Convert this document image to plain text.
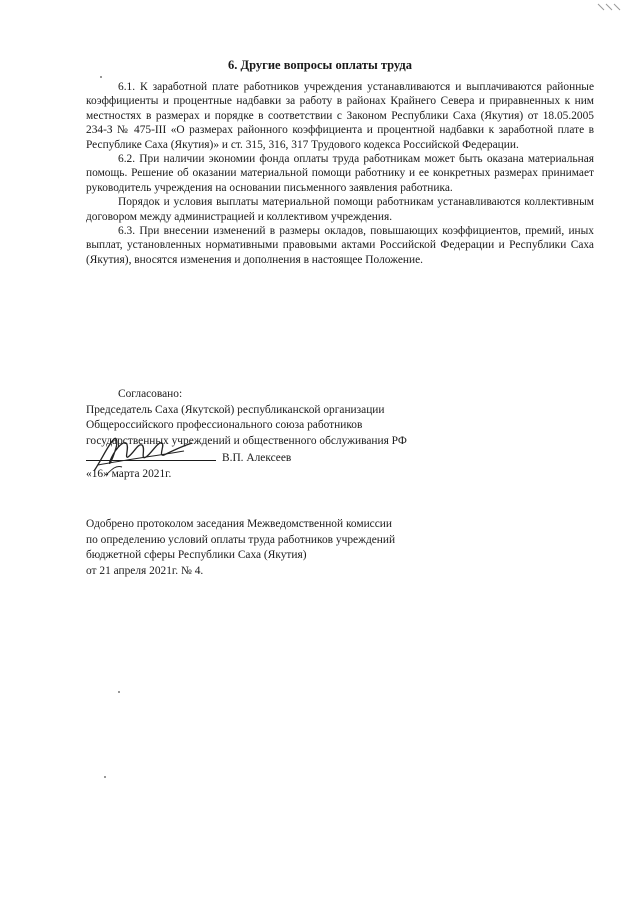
6. Другие вопросы оплаты труда

6.1. К заработной плате работников учреждения устанавливаются и выплачиваются районные коэффициенты и процентные надбавки за работу в районах Крайнего Севера и приравненных к ним местностях в размерах и порядке в соответствии с Законом Республики Саха (Якутия) от 18.05.2005 234-З № 475-III «О размерах районного коэффициента и процентной надбавки к заработной плате в Республике Саха (Якутия)» и ст. 315, 316, 317 Трудового кодекса Российской Федерации.

6.2. При наличии экономии фонда оплаты труда работникам может быть оказана материальная помощь. Решение об оказании материальной помощи работнику и ее конкретных размерах принимает руководитель учреждения на основании письменного заявления работника.

Порядок и условия выплаты материальной помощи работникам устанавливаются коллективным договором между администрацией и коллективом учреждения.

6.3. При внесении изменений в размеры окладов, повышающих коэффициентов, премий, иных выплат, установленных нормативными правовыми актами Российской Федерации и Республики Саха (Якутия), вносятся изменения и дополнения в настоящее Положение.

Согласовано:
Председатель Саха (Якутской) республиканской организации
Общероссийского профессионального союза работников
государственных учреждений и общественного обслуживания РФ
В.П. Алексеев
«16» марта 2021г.
Одобрено протоколом заседания Межведомственной комиссии
по определению условий оплаты труда работников учреждений
бюджетной сферы Республики Саха (Якутия)
от 21 апреля 2021г. № 4.
